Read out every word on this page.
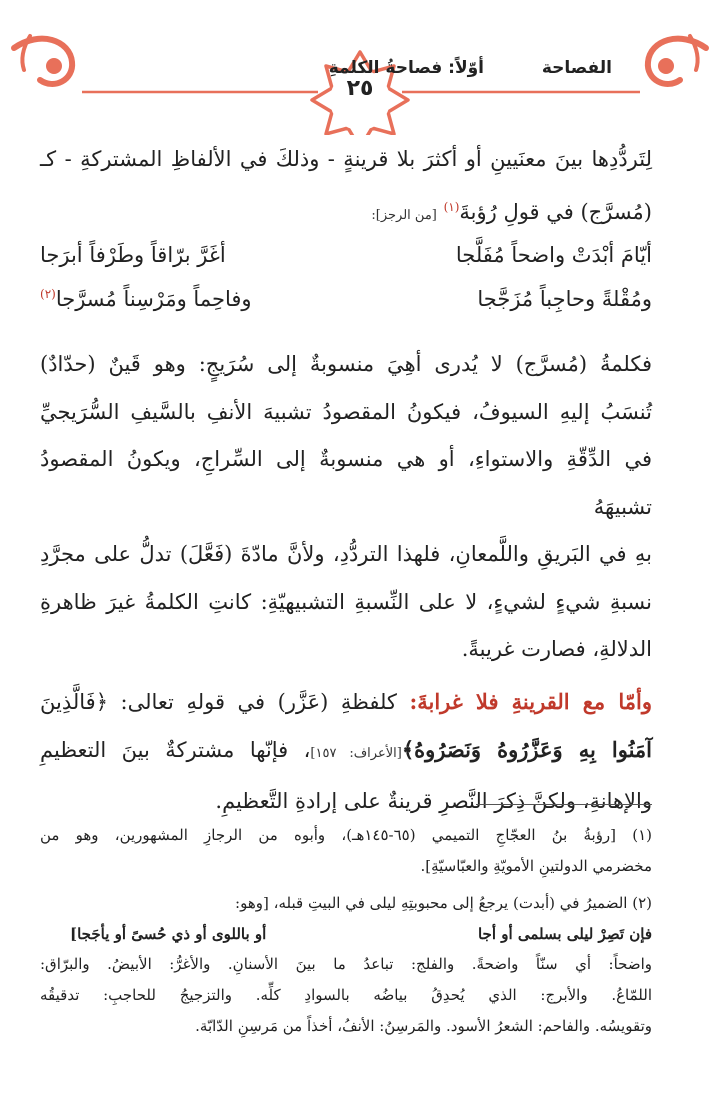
الفصاحة
أوّلاً: فصاحةُ الكلمةِ
٢٥

لِتَردُّدِها بينَ معنَيينِ أو أكثرَ بلا قرينةٍ - وذلكَ في الألفاظِ المشتركةِ - كـ

(مُسرَّج) في قولِ رُؤبةَ$^{(١)}$ [من الرجز]:

أيّامَ أبْدَتْ واضحاً مُفَلَّجا
أغَرَّ برّاقاً وطَرْفاً أبرَجا
ومُقْلةً وحاجِباً مُزَجَّجا
وفاحِماً ومَرْسِناً مُسرَّجا$^{(٢)}$

فكلمةُ (مُسرَّج) لا يُدرى أهِيَ منسوبةٌ إلى سُرَيجٍ: وهو قَينٌ (حدّادٌ)

تُنسَبُ إليهِ السيوفُ، فيكونُ المقصودُ تشبيهَ الأنفِ بالسَّيفِ السُّرَيجيِّ

في الدِّقّةِ والاستواءِ، أو هي منسوبةٌ إلى السِّراجِ، ويكونُ المقصودُ تشبيهَهُ

بهِ في البَريقِ واللَّمعانِ، فلهذا التردُّدِ، ولأنَّ مادّةَ (فَعَّلَ) تدلُّ على مجرَّدِ

نسبةِ شيءٍ لشيءٍ، لا على النِّسبةِ التشبيهيّةِ: كانتِ الكلمةُ غيرَ ظاهرةِ

الدلالةِ، فصارت غريبةً.

وأمّا مع القرينةِ فلا غرابةَ: كلفظةِ (عَزَّر) في قولهِ تعالى: ﴿فَالَّذِينَ

آمَنُوا بِهِ وَعَزَّرُوهُ وَنَصَرُوهُ﴾[الأعراف: ١٥٧]، فإنّها مشتركةٌ بينَ التعظيمِ

والإهانةِ، ولكنَّ ذِكرَ النَّصرِ قرينةٌ على إرادةِ التَّعظيمِ.

(١) [رؤبةُ بنُ العجّاجِ التميمي (٦٥-١٤٥هـ)، وأبوه من الرجازِ المشهورين، وهو من

مخضرمي الدولتينِ الأمويّةِ والعبّاسيّةِ].

(٢) الضميرُ في (أبدت) يرجعُ إلى محبوبتِهِ ليلى في البيتِ قبله، [وهو:

فإن تَصِرْ ليلى بسلمى أو أجا
أو باللوى أو ذي حُسىً أو يأجَجا]

واضحاً: أي سنّاً واضحةً. والفلج: تباعدُ ما بينَ الأسنانِ. والأغرُّ: الأبيضُ. والبرّاق:

اللمّاعُ. والأبرج: الذي يُحدِقُ بياضُه بالسوادِ كلِّه. والتزجيجُ للحاجبِ: تدقيقُه

وتقويسُه. والفاحم: الشعرُ الأسود. والمَرسِنُ: الأنفُ، أخذاً من مَرسِنِ الدّابّة.
